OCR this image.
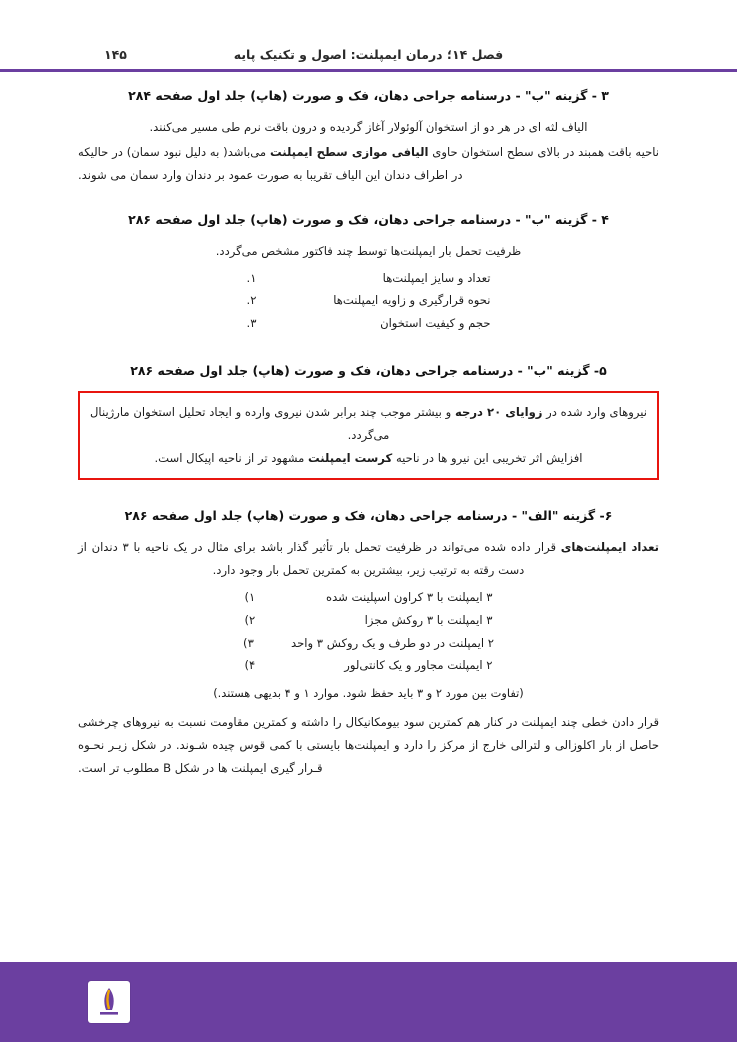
۱۴۵	فصل ۱۴؛ درمان ایمپلنت: اصول و تکنیک پایه
۳ - گزینه "ب" - درسنامه جراحی دهان، فک و صورت (هاپ) جلد اول صفحه ۲۸۴

الیاف لثه ای در هر دو از استخوان آلوئولار آغاز گردیده و درون باقت نرم طی مسیر می‌کنند.

ناحیه باقت همبند در بالای سطح استخوان حاوی الیافی موازی سطح ایمپلنت می‌باشد( به دلیل نبود سمان) در حالیکه در اطراف دندان این الیاف تقریبا به صورت عمود بر دندان وارد سمان می شوند.

۴ - گزینه "ب" - درسنامه جراحی دهان، فک و صورت (هاپ) جلد اول صفحه ۲۸۶

ظرفیت تحمل بار ایمپلنت‌ها توسط چند فاکتور مشخص می‌گردد.

تعداد و سایز ایمپلنت‌ها
۱.
نحوه قرارگیری و زاویه ایمپلنت‌ها
۲.
حجم و کیفیت استخوان
۳.
۵- گزینه "ب" - درسنامه جراحی دهان، فک و صورت (هاپ) جلد اول صفحه ۲۸۶

نیروهای وارد شده در زوایای ۲۰ درجه و بیشتر موجب چند برابر شدن نیروی وارده و ایجاد تحلیل استخوان مارژینال می‌گردد.

افزایش اثر تخریبی این نیرو ها در ناحیه کرست ایمپلنت مشهود تر از ناحیه اپیکال است.

۶- گزینه "الف" - درسنامه جراحی دهان، فک و صورت (هاپ) جلد اول صفحه ۲۸۶

تعداد ایمپلنت‌های قرار داده شده می‌تواند در ظرفیت تحمل بار تأثیر گذار باشد برای مثال در یک ناحیه با ۳ دندان از دست رقته به ترتیب زیر، بیشترین به کمترین تحمل بار وجود دارد.

۳ ایمپلنت با ۳ کراون اسپلینت شده
۱)
۳ ایمپلنت با ۳ روکش مجزا
۲)
۲ ایمپلنت در دو طرف و یک روکش ۳ واحد
۳)
۲ ایمپلنت مجاور و یک کانتی‌لور
۴)

(تفاوت بین مورد ۲ و ۳ باید حفظ شود. موارد ۱ و ۴ بدیهی هستند.)

قرار دادن خطی چند ایمپلنت در کنار هم کمترین سود بیومکانیکال را داشته و کمترین مقاومت نسبت به نیروهای چرخشی حاصل از بار اکلوزالی و لترالی خارج از مرکز را دارد و ایمپلنت‌ها بایستی با کمی قوس چیده شـوند. در شکل زیـر نحـوه قـرار گیری ایمپلنت ها در شکل B مطلوب تر است.
